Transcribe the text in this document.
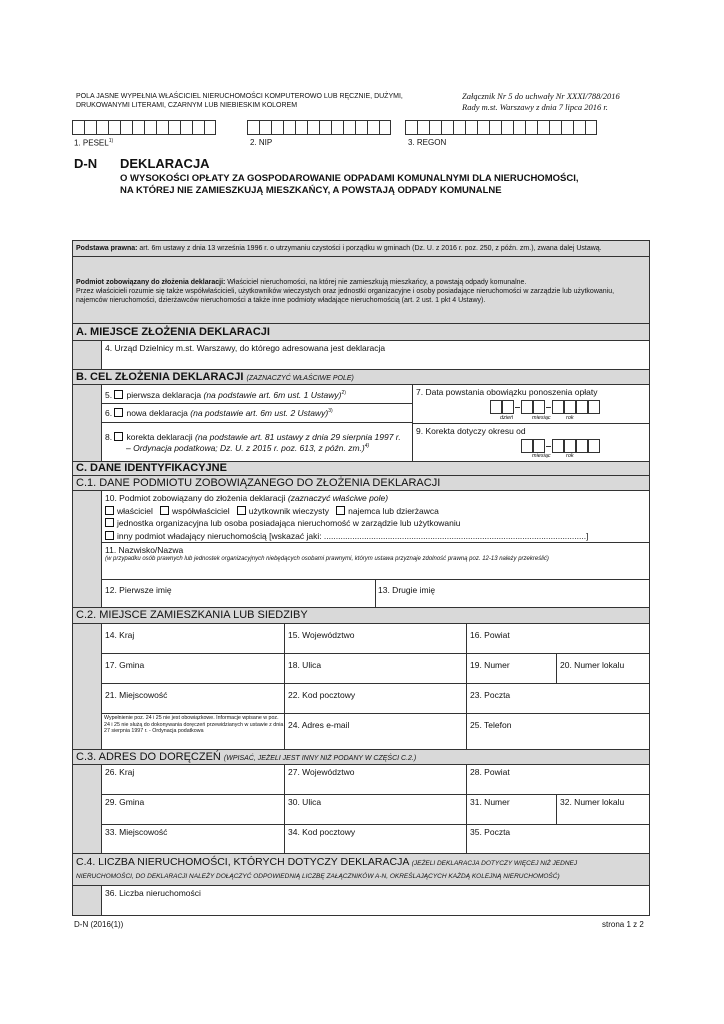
POLA JASNE WYPEŁNIA WŁAŚCICIEL NIERUCHOMOŚCI KOMPUTEROWO LUB RĘCZNIE, DUŻYMI, DRUKOWANYMI LITERAMI, CZARNYM LUB NIEBIESKIM KOLOREM
Załącznik Nr 5 do uchwały Nr XXXI/788/2016
Rady m.st. Warszawy z dnia 7 lipca 2016 r.
1. PESEL$^{1)}$	2. NIP	3. REGON
D-N DEKLARACJA
O WYSOKOŚCI OPŁATY ZA GOSPODAROWANIE ODPADAMI KOMUNALNYMI DLA NIERUCHOMOŚCI,
NA KTÓREJ NIE ZAMIESZKUJĄ MIESZKAŃCY, A POWSTAJĄ ODPADY KOMUNALNE
Podstawa prawna: art. 6m ustawy z dnia 13 września 1996 r. o utrzymaniu czystości i porządku w gminach (Dz. U. z 2016 r. poz. 250, z późn. zm.), zwana dalej Ustawą.
Podmiot zobowiązany do złożenia deklaracji: Właściciel nieruchomości, na której nie zamieszkują mieszkańcy, a powstają odpady komunalne.
Przez właścicieli rozumie się także współwłaścicieli, użytkowników wieczystych oraz jednostki organizacyjne i osoby posiadające nieruchomości w zarządzie lub użytkowaniu, najemców nieruchomości, dzierżawców nieruchomości a także inne podmioty władające nieruchomością (art. 2 ust. 1 pkt 4 Ustawy).
A. MIEJSCE ZŁOŻENIA DEKLARACJI
4. Urząd Dzielnicy m.st. Warszawy, do którego adresowana jest deklaracja
B. CEL ZŁOŻENIA DEKLARACJI (ZAZNACZYĆ WŁAŚCIWE POLE)
5. pierwsza deklaracja (na podstawie art. 6m ust. 1 Ustawy)$^{2)}$
6. nowa deklaracja (na podstawie art. 6m ust. 2 Ustawy)$^{3)}$
8. korekta deklaracji (na podstawie art. 81 ustawy z dnia 29 sierpnia 1997 r.
– Ordynacja podatkowa; Dz. U. z 2015 r. poz. 613, z późn. zm.)$^{4)}$
7. Data powstania obowiązku ponoszenia opłaty
dzień	miesiąc	rok
9. Korekta dotyczy okresu od
miesiąc	rok
C. DANE IDENTYFIKACYJNE
C.1. DANE PODMIOTU ZOBOWIĄZANEGO DO ZŁOŻENIA DEKLARACJI
10. Podmiot zobowiązany do złożenia deklaracji (zaznaczyć właściwe pole)
właściciel współwłaściciel użytkownik wieczysty najemca lub dzierżawca
jednostka organizacyjna lub osoba posiadająca nieruchomość w zarządzie lub użytkowaniu
inny podmiot władający nieruchomością [wskazać jaki: ...............................................................................................................]
11. Nazwisko/Nazwa
(w przypadku osób prawnych lub jednostek organizacyjnych niebędących osobami prawnymi, którym ustawa przyznaje zdolność prawną poz. 12-13 należy przekreślić)
12. Pierwsze imię	13. Drugie imię
C.2. MIEJSCE ZAMIESZKANIA LUB SIEDZIBY
14. Kraj	15. Województwo	16. Powiat
17. Gmina	18. Ulica	19. Numer	20. Numer lokalu
21. Miejscowość	22. Kod pocztowy	23. Poczta
Wypełnienie poz. 24 i 25 nie jest obowiązkowe. Informacje wpisane w poz. 24 i 25 nie służą do dokonywania doręczeń przewidzianych w ustawie z dnia 27 sierpnia 1997 r. - Ordynacja podatkowa
24. Adres e-mail	25. Telefon
C.3. ADRES DO DORĘCZEŃ (WPISAĆ, JEŻELI JEST INNY NIŻ PODANY W CZĘŚCI C.2.)
26. Kraj	27. Województwo	28. Powiat
29. Gmina	30. Ulica	31. Numer	32. Numer lokalu
33. Miejscowość	34. Kod pocztowy	35. Poczta
C.4. LICZBA NIERUCHOMOŚCI, KTÓRYCH DOTYCZY DEKLARACJA (JEŻELI DEKLARACJA DOTYCZY WIĘCEJ NIŻ JEDNEJ
NIERUCHOMOŚCI, DO DEKLARACJI NALEŻY DOŁĄCZYĆ ODPOWIEDNIĄ LICZBĘ ZAŁĄCZNIKÓW A-N, OKREŚLAJĄCYCH KAŻDĄ KOLEJNĄ NIERUCHOMOŚĆ)
36. Liczba nieruchomości
D-N (2016(1))	strona 1 z 2
